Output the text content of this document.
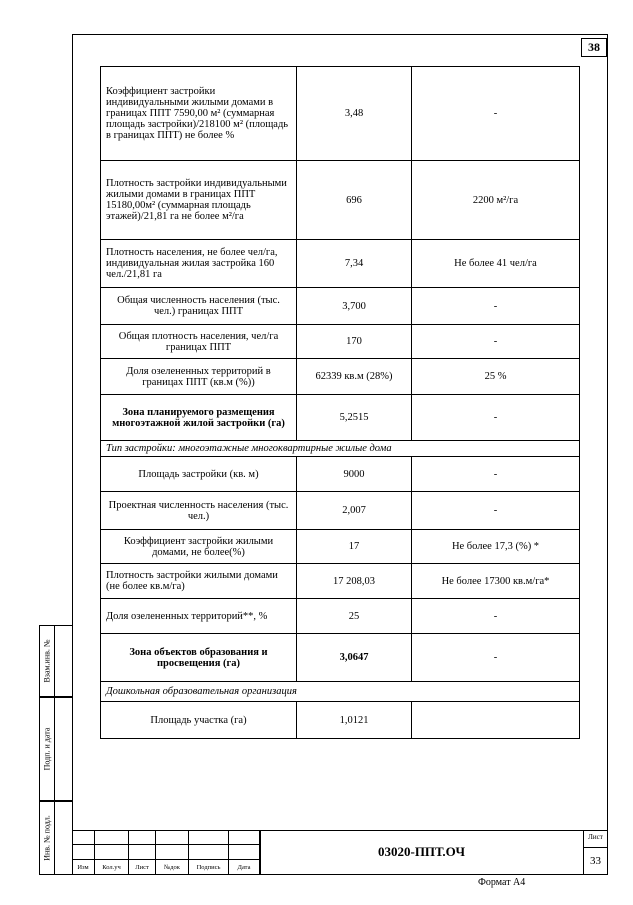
38
Коэффициент застройки индивидуальными жилыми домами в границах ППТ 7590,00 м² (суммарная площадь застройки)/218100 м² (площадь в границах ППТ) не более %	3,48	-
Плотность застройки индивидуальными жилыми домами в границах ППТ 15180,00м² (суммарная площадь этажей)/21,81 га не более м²/га	696	2200 м²/га
Плотность населения, не более чел/га, индивидуальная жилая застройка 160 чел./21,81 га	7,34	Не более 41 чел/га
Общая численность населения (тыс. чел.) границах ППТ	3,700	-
Общая плотность населения, чел/га границах ППТ	170	-
Доля озелененных территорий в границах ППТ (кв.м (%))	62339 кв.м (28%)	25 %
Зона планируемого размещения многоэтажной жилой застройки (га)	5,2515	-
Тип застройки: многоэтажные многоквартирные жилые дома		
Площадь застройки (кв. м)	9000	-
Проектная численность населения (тыс. чел.)	2,007	-
Коэффициент застройки жилыми домами, не более(%)	17	Не более 17,3 (%) *
Плотность застройки жилыми домами (не более кв.м/га)	17 208,03	Не более 17300 кв.м/га*
Доля озелененных территорий**, %	25	-
Зона объектов образования и просвещения (га)	3,0647	-
Дошкольная образовательная организация		
Площадь участка (га)	1,0121	
Взам.инв. №
Подп. и дата
Инв. № подл.
Изм	Кол.уч	Лист	№док	Подпись	Дата
03020-ППТ.ОЧ
Лист
33
Формат А4
